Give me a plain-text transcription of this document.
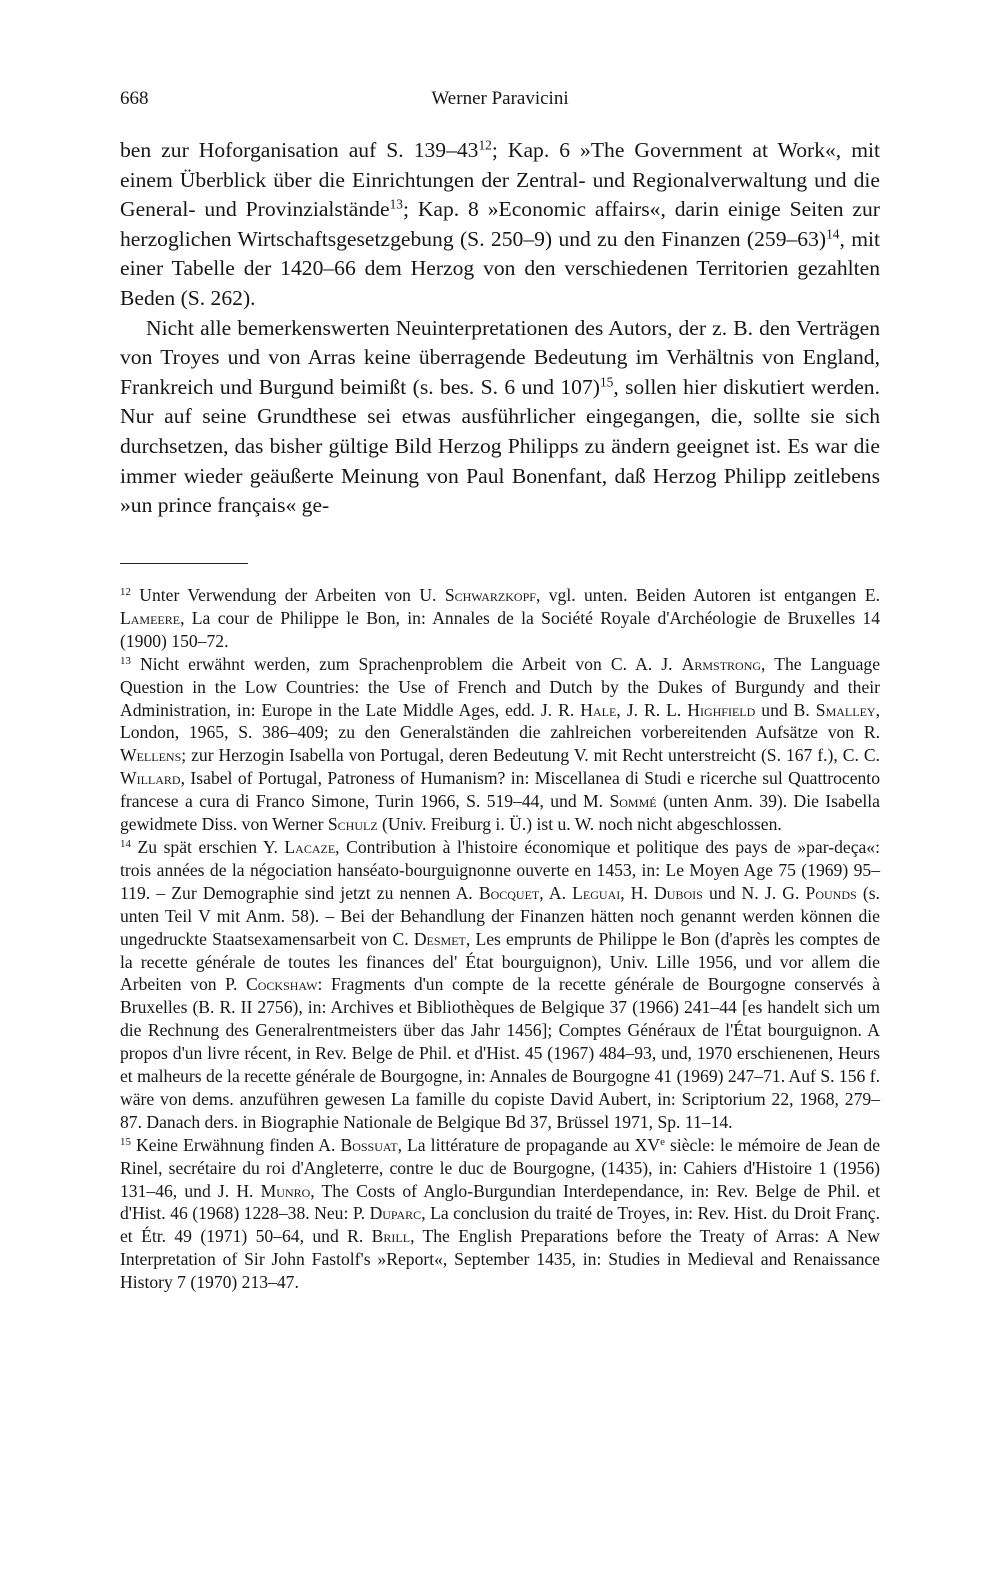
668	Werner Paravicini

ben zur Hoforganisation auf S. $139-43^{12}$; Kap. 6 »The Government at Work«, mit einem Überblick über die Einrichtungen der Zentral- und Regionalverwaltung und die General- und Provinzialstände$^{13}$; Kap. 8 »Economic affairs«, darin einige Seiten zur herzoglichen Wirtschaftsgesetzgebung (S. 250–9) und zu den Finanzen $(259-63)^{14}$, mit einer Tabelle der 1420–66 dem Herzog von den verschiedenen Territorien gezahlten Beden (S. 262).

Nicht alle bemerkenswerten Neuinterpretationen des Autors, der z. B. den Verträgen von Troyes und von Arras keine überragende Bedeutung im Verhältnis von England, Frankreich und Burgund beimißt (s. bes. S. 6 und 107)$^{15}$, sollen hier diskutiert werden. Nur auf seine Grundthese sei etwas ausführlicher eingegangen, die, sollte sie sich durchsetzen, das bisher gültige Bild Herzog Philipps zu ändern geeignet ist. Es war die immer wieder geäußerte Meinung von Paul Bonenfant, daß Herzog Philipp zeitlebens »un prince français« ge-

$^{12}$ Unter Verwendung der Arbeiten von U. Schwarzkopf, vgl. unten. Beiden Autoren ist entgangen E. Lameere, La cour de Philippe le Bon, in: Annales de la Société Royale d'Archéologie de Bruxelles 14 (1900) 150–72.

$^{13}$ Nicht erwähnt werden, zum Sprachenproblem die Arbeit von C. A. J. Armstrong, The Language Question in the Low Countries: the Use of French and Dutch by the Dukes of Burgundy and their Administration, in: Europe in the Late Middle Ages, edd. J. R. Hale, J. R. L. Highfield und B. Smalley, London, 1965, S. 386–409; zu den Generalständen die zahlreichen vorbereitenden Aufsätze von R. Wellens; zur Herzogin Isabella von Portugal, deren Bedeutung V. mit Recht unterstreicht (S. 167 f.), C. C. Willard, Isabel of Portugal, Patroness of Humanism? in: Miscellanea di Studi e ricerche sul Quattrocento francese a cura di Franco Simone, Turin 1966, S. 519–44, und M. Sommé (unten Anm. 39). Die Isabella gewidmete Diss. von Werner Schulz (Univ. Freiburg i. Ü.) ist u. W. noch nicht abgeschlossen.

$^{14}$ Zu spät erschien Y. Lacaze, Contribution à l'histoire économique et politique des pays de »par-deça«: trois années de la négociation hanséato-bourguignonne ouverte en 1453, in: Le Moyen Age 75 (1969) 95–119. – Zur Demographie sind jetzt zu nennen A. Bocquet, A. Leguai, H. Dubois und N. J. G. Pounds (s. unten Teil V mit Anm. 58). – Bei der Behandlung der Finanzen hätten noch genannt werden können die ungedruckte Staatsexamensarbeit von C. Desmet, Les emprunts de Philippe le Bon (d'après les comptes de la recette générale de toutes les finances del' État bourguignon), Univ. Lille 1956, und vor allem die Arbeiten von P. Cockshaw: Fragments d'un compte de la recette générale de Bourgogne conservés à Bruxelles (B. R. II 2756), in: Archives et Bibliothèques de Belgique 37 (1966) 241–44 [es handelt sich um die Rechnung des Generalrentmeisters über das Jahr 1456]; Comptes Généraux de l'État bourguignon. A propos d'un livre récent, in Rev. Belge de Phil. et d'Hist. 45 (1967) 484–93, und, 1970 erschienenen, Heurs et malheurs de la recette générale de Bourgogne, in: Annales de Bourgogne 41 (1969) 247–71. Auf S. 156 f. wäre von dems. anzuführen gewesen La famille du copiste David Aubert, in: Scriptorium 22, 1968, 279–87. Danach ders. in Biographie Nationale de Belgique Bd 37, Brüssel 1971, Sp. 11–14.

$^{15}$ Keine Erwähnung finden A. Bossuat, La littérature de propagande au XVe siècle: le mémoire de Jean de Rinel, secrétaire du roi d'Angleterre, contre le duc de Bourgogne, (1435), in: Cahiers d'Histoire 1 (1956) 131–46, und J. H. Munro, The Costs of Anglo-Burgundian Interdependance, in: Rev. Belge de Phil. et d'Hist. 46 (1968) 1228–38. Neu: P. Duparc, La conclusion du traité de Troyes, in: Rev. Hist. du Droit Franç. et Étr. 49 (1971) 50–64, und R. Brill, The English Preparations before the Treaty of Arras: A New Interpretation of Sir John Fastolf's »Report«, September 1435, in: Studies in Medieval and Renaissance History 7 (1970) 213–47.
